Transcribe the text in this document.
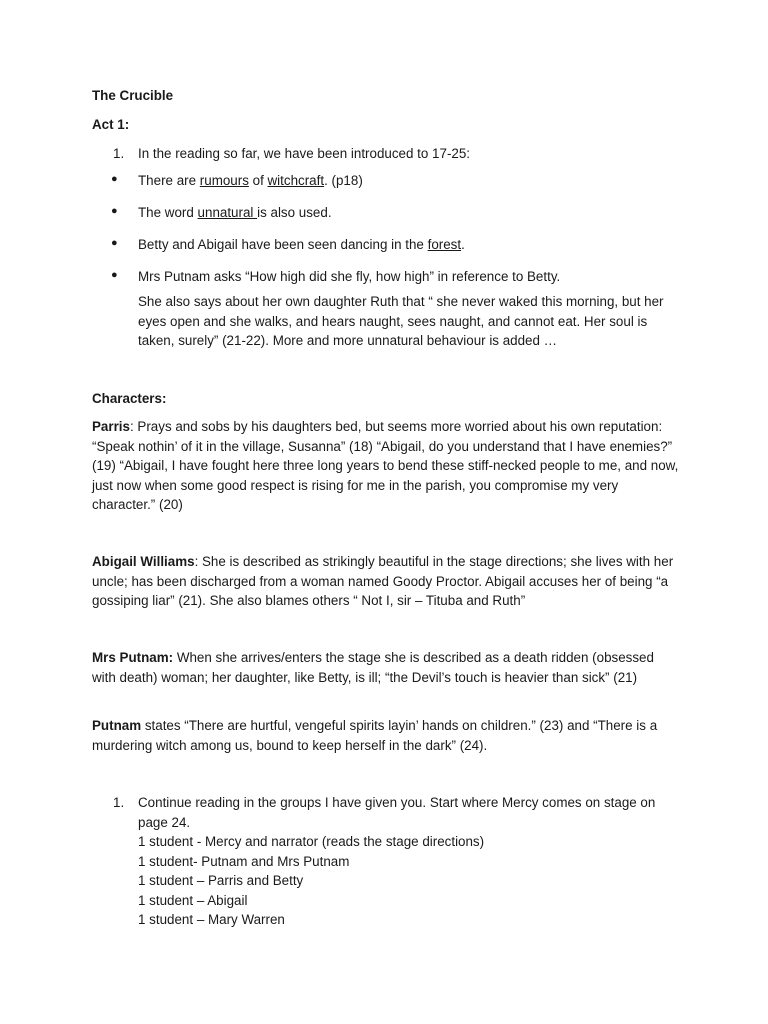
The Crucible
Act 1:
1. In the reading so far, we have been introduced to 17-25:
● There are rumours of witchcraft. (p18)
● The word unnatural is also used.
● Betty and Abigail have been seen dancing in the forest.
● Mrs Putnam asks “How high did she fly, how high” in reference to Betty.
She also says about her own daughter Ruth that “ she never waked this morning, but her eyes open and she walks, and hears naught, sees naught, and cannot eat. Her soul is taken, surely” (21-22). More and more unnatural behaviour is added …
Characters:
Parris: Prays and sobs by his daughters bed, but seems more worried about his own reputation: “Speak nothin’ of it in the village, Susanna” (18) “Abigail, do you understand that I have enemies?” (19) “Abigail, I have fought here three long years to bend these stiff-necked people to me, and now, just now when some good respect is rising for me in the parish, you compromise my very character.” (20)
Abigail Williams: She is described as strikingly beautiful in the stage directions; she lives with her uncle; has been discharged from a woman named Goody Proctor. Abigail accuses her of being “a gossiping liar” (21). She also blames others “ Not I, sir – Tituba and Ruth”
Mrs Putnam: When she arrives/enters the stage she is described as a death ridden (obsessed with death) woman; her daughter, like Betty, is ill; “the Devil’s touch is heavier than sick” (21)
Putnam states “There are hurtful, vengeful spirits layin’ hands on children.” (23) and “There is a murdering witch among us, bound to keep herself in the dark” (24).
1. Continue reading in the groups I have given you. Start where Mercy comes on stage on page 24.
1 student - Mercy and narrator (reads the stage directions)
1 student- Putnam and Mrs Putnam
1 student – Parris and Betty
1 student – Abigail
1 student – Mary Warren
